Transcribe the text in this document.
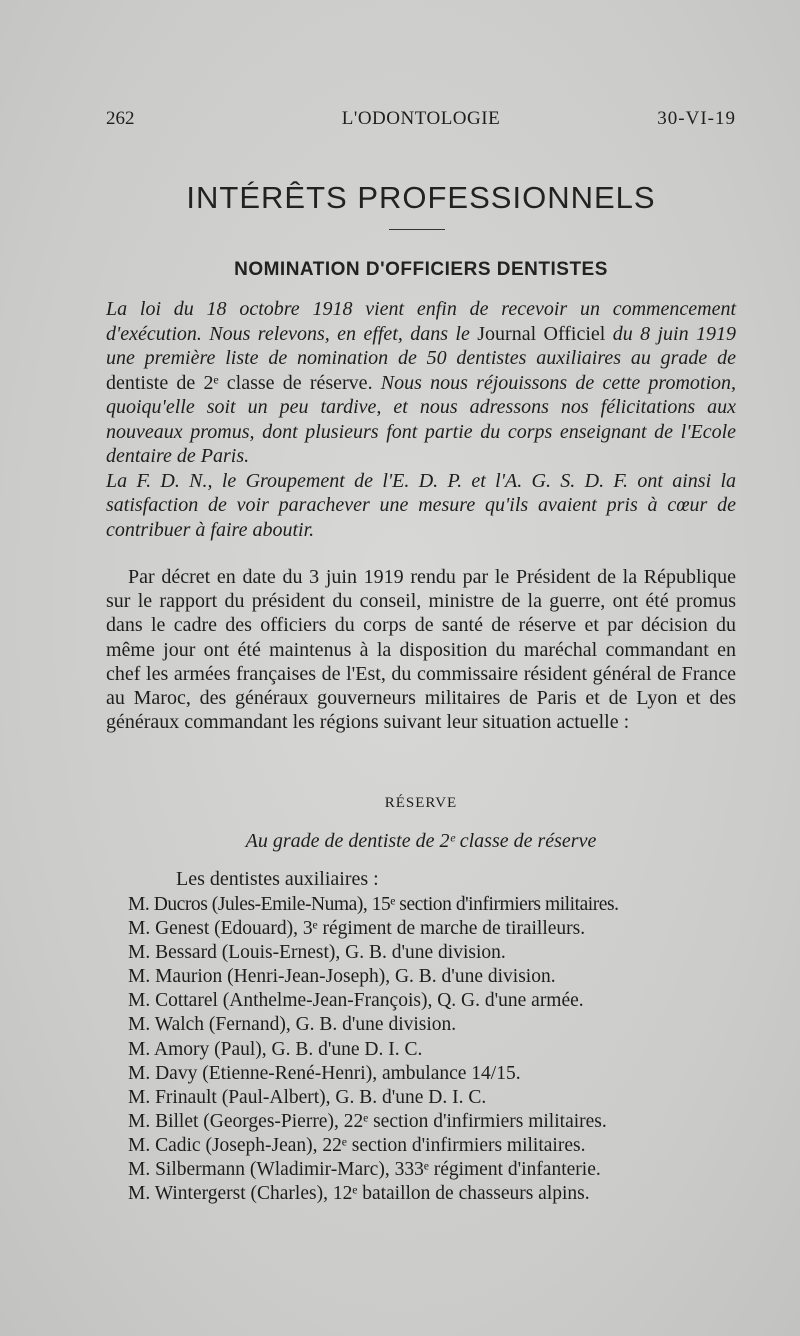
262	L'ODONTOLOGIE	30-VI-19
INTÉRÊTS PROFESSIONNELS
NOMINATION D'OFFICIERS DENTISTES

La loi du 18 octobre 1918 vient enfin de recevoir un commencement d'exécution. Nous relevons, en effet, dans le Journal Officiel du 8 juin 1919 une première liste de nomination de 50 dentistes auxiliaires au grade de dentiste de 2ᵉ classe de réserve. Nous nous réjouissons de cette promotion, quoiqu'elle soit un peu tardive, et nous adressons nos félicitations aux nouveaux promus, dont plusieurs font partie du corps enseignant de l'Ecole dentaire de Paris.

La F. D. N., le Groupement de l'E. D. P. et l'A. G. S. D. F. ont ainsi la satisfaction de voir parachever une mesure qu'ils avaient pris à cœur de contribuer à faire aboutir.

Par décret en date du 3 juin 1919 rendu par le Président de la République sur le rapport du président du conseil, ministre de la guerre, ont été promus dans le cadre des officiers du corps de santé de réserve et par décision du même jour ont été maintenus à la disposition du maréchal commandant en chef les armées françaises de l'Est, du commissaire résident général de France au Maroc, des généraux gouverneurs militaires de Paris et de Lyon et des généraux commandant les régions suivant leur situation actuelle :

RÉSERVE
Au grade de dentiste de 2ᵉ classe de réserve
Les dentistes auxiliaires :
M. Ducros (Jules-Emile-Numa), 15ᵉ section d'infirmiers militaires.
M. Genest (Edouard), 3ᵉ régiment de marche de tirailleurs.
M. Bessard (Louis-Ernest), G. B. d'une division.
M. Maurion (Henri-Jean-Joseph), G. B. d'une division.
M. Cottarel (Anthelme-Jean-François), Q. G. d'une armée.
M. Walch (Fernand), G. B. d'une division.
M. Amory (Paul), G. B. d'une D. I. C.
M. Davy (Etienne-René-Henri), ambulance 14/15.
M. Frinault (Paul-Albert), G. B. d'une D. I. C.
M. Billet (Georges-Pierre), 22ᵉ section d'infirmiers militaires.
M. Cadic (Joseph-Jean), 22ᵉ section d'infirmiers militaires.
M. Silbermann (Wladimir-Marc), 333ᵉ régiment d'infanterie.
M. Wintergerst (Charles), 12ᵉ bataillon de chasseurs alpins.
